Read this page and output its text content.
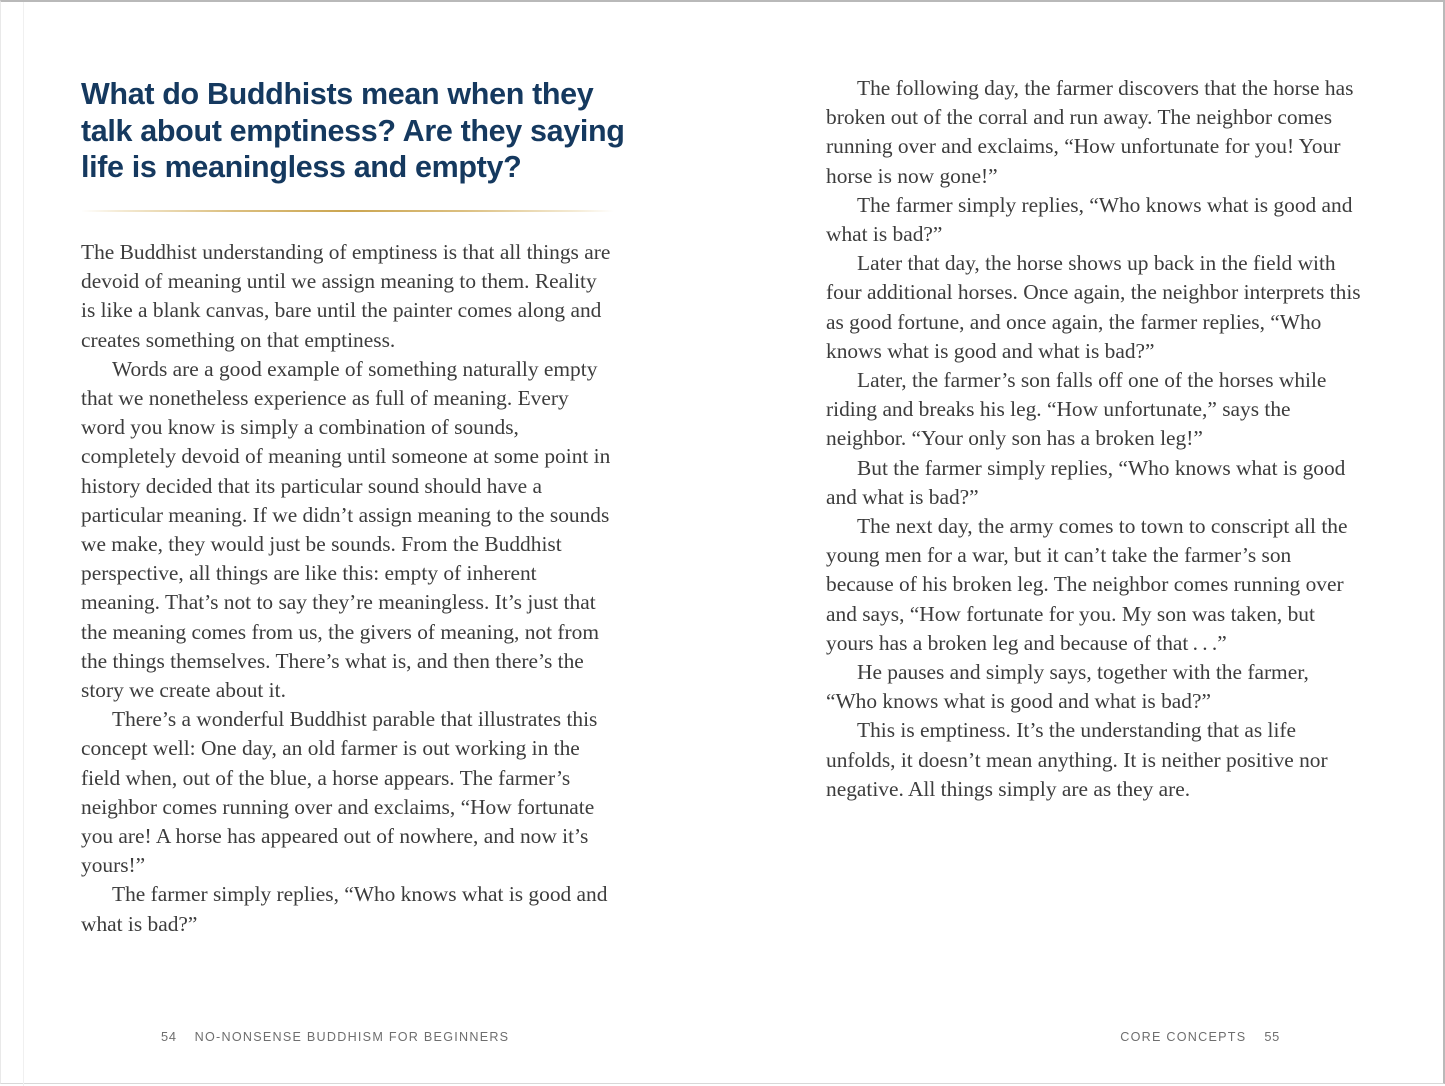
What do Buddhists mean when they
talk about emptiness? Are they saying
life is meaningless and empty?

The Buddhist understanding of emptiness is that all things are devoid of meaning until we assign meaning to them. Reality is like a blank canvas, bare until the painter comes along and creates something on that emptiness.

Words are a good example of something naturally empty that we nonetheless experience as full of meaning. Every word you know is simply a combination of sounds, completely devoid of meaning until someone at some point in history decided that its particular sound should have a particular meaning. If we didn’t assign meaning to the sounds we make, they would just be sounds. From the Buddhist perspective, all things are like this: empty of inherent meaning. That’s not to say they’re meaningless. It’s just that the meaning comes from us, the givers of meaning, not from the things themselves. There’s what is, and then there’s the story we create about it.

There’s a wonderful Buddhist parable that illustrates this concept well: One day, an old farmer is out working in the field when, out of the blue, a horse appears. The farmer’s neighbor comes running over and exclaims, “How fortunate you are! A horse has appeared out of nowhere, and now it’s yours!”

The farmer simply replies, “Who knows what is good and what is bad?”

54 NO-NONSENSE BUDDHISM FOR BEGINNERS

The following day, the farmer discovers that the horse has broken out of the corral and run away. The neighbor comes running over and exclaims, “How unfortunate for you! Your horse is now gone!”

The farmer simply replies, “Who knows what is good and what is bad?”

Later that day, the horse shows up back in the field with four additional horses. Once again, the neighbor interprets this as good fortune, and once again, the farmer replies, “Who knows what is good and what is bad?”

Later, the farmer’s son falls off one of the horses while riding and breaks his leg. “How unfortunate,” says the neighbor. “Your only son has a broken leg!”

But the farmer simply replies, “Who knows what is good and what is bad?”

The next day, the army comes to town to conscript all the young men for a war, but it can’t take the farmer’s son because of his broken leg. The neighbor comes running over and says, “How fortunate for you. My son was taken, but yours has a broken leg and because of that . . .”

He pauses and simply says, together with the farmer, “Who knows what is good and what is bad?”

This is emptiness. It’s the understanding that as life unfolds, it doesn’t mean anything. It is neither positive nor negative. All things simply are as they are.

CORE CONCEPTS 55
